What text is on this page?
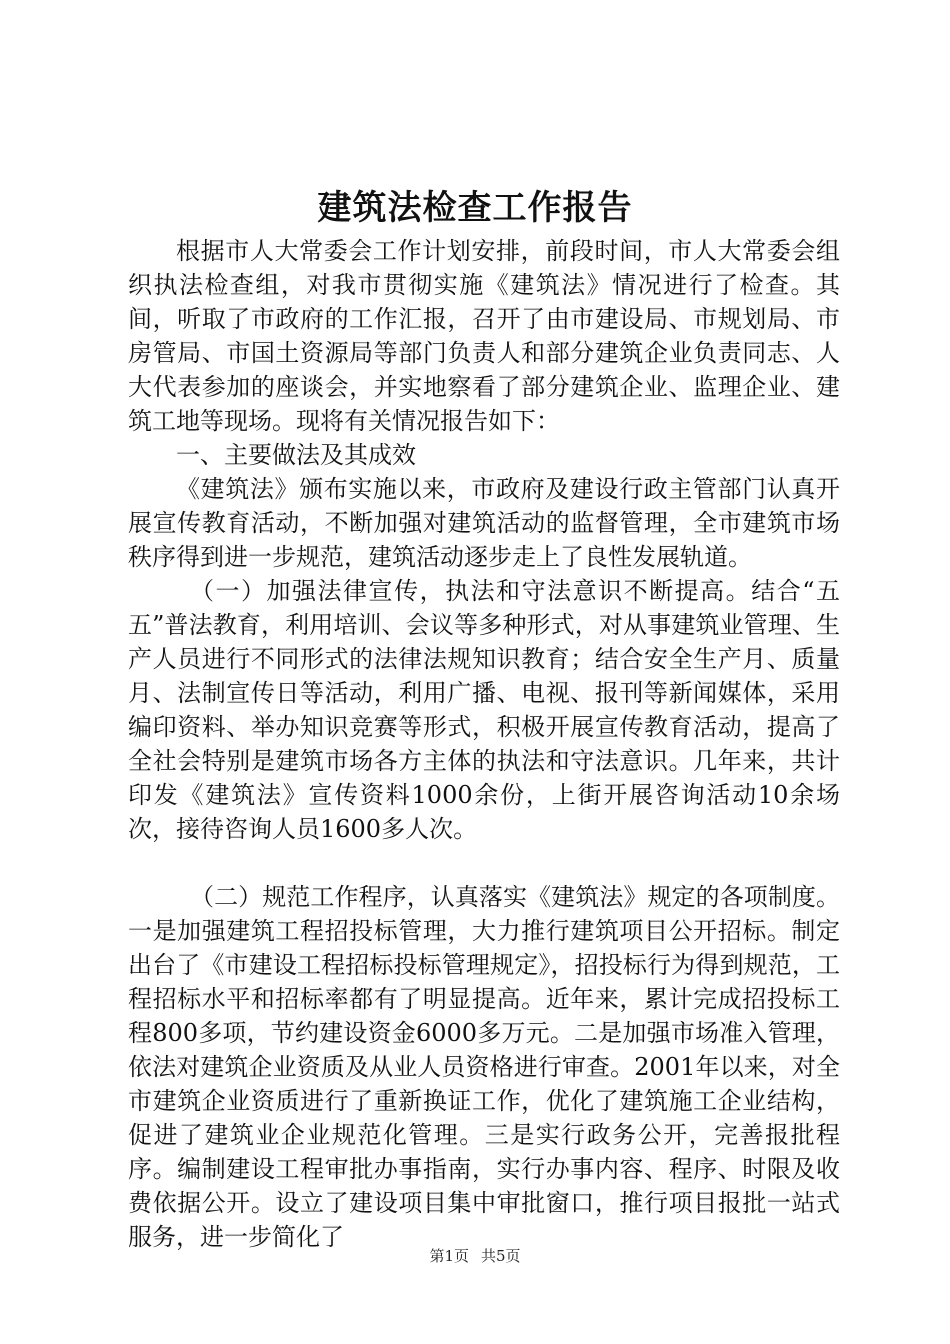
建筑法检查工作报告

根据市人大常委会工作计划安排，前段时间，市人大常委会组织执法检查组，对我市贯彻实施《建筑法》情况进行了检查。其间，听取了市政府的工作汇报，召开了由市建设局、市规划局、市房管局、市国土资源局等部门负责人和部分建筑企业负责同志、人大代表参加的座谈会，并实地察看了部分建筑企业、监理企业、建筑工地等现场。现将有关情况报告如下：

一、主要做法及其成效

《建筑法》颁布实施以来，市政府及建设行政主管部门认真开展宣传教育活动，不断加强对建筑活动的监督管理，全市建筑市场秩序得到进一步规范，建筑活动逐步走上了良性发展轨道。

（一）加强法律宣传，执法和守法意识不断提高。结合“五五”普法教育，利用培训、会议等多种形式，对从事建筑业管理、生产人员进行不同形式的法律法规知识教育；结合安全生产月、质量月、法制宣传日等活动，利用广播、电视、报刊等新闻媒体，采用编印资料、举办知识竞赛等形式，积极开展宣传教育活动，提高了全社会特别是建筑市场各方主体的执法和守法意识。几年来，共计印发《建筑法》宣传资料1000余份，上街开展咨询活动10余场次，接待咨询人员1600多人次。

（二）规范工作程序，认真落实《建筑法》规定的各项制度。一是加强建筑工程招投标管理，大力推行建筑项目公开招标。制定出台了《市建设工程招标投标管理规定》，招投标行为得到规范，工程招标水平和招标率都有了明显提高。近年来，累计完成招投标工程800多项，节约建设资金6000多万元。二是加强市场准入管理，依法对建筑企业资质及从业人员资格进行审查。2001年以来，对全市建筑企业资质进行了重新换证工作，优化了建筑施工企业结构，促进了建筑业企业规范化管理。三是实行政务公开，完善报批程序。编制建设工程审批办事指南，实行办事内容、程序、时限及收费依据公开。设立了建设项目集中审批窗口，推行项目报批一站式服务，进一步简化了

第1页 共5页
